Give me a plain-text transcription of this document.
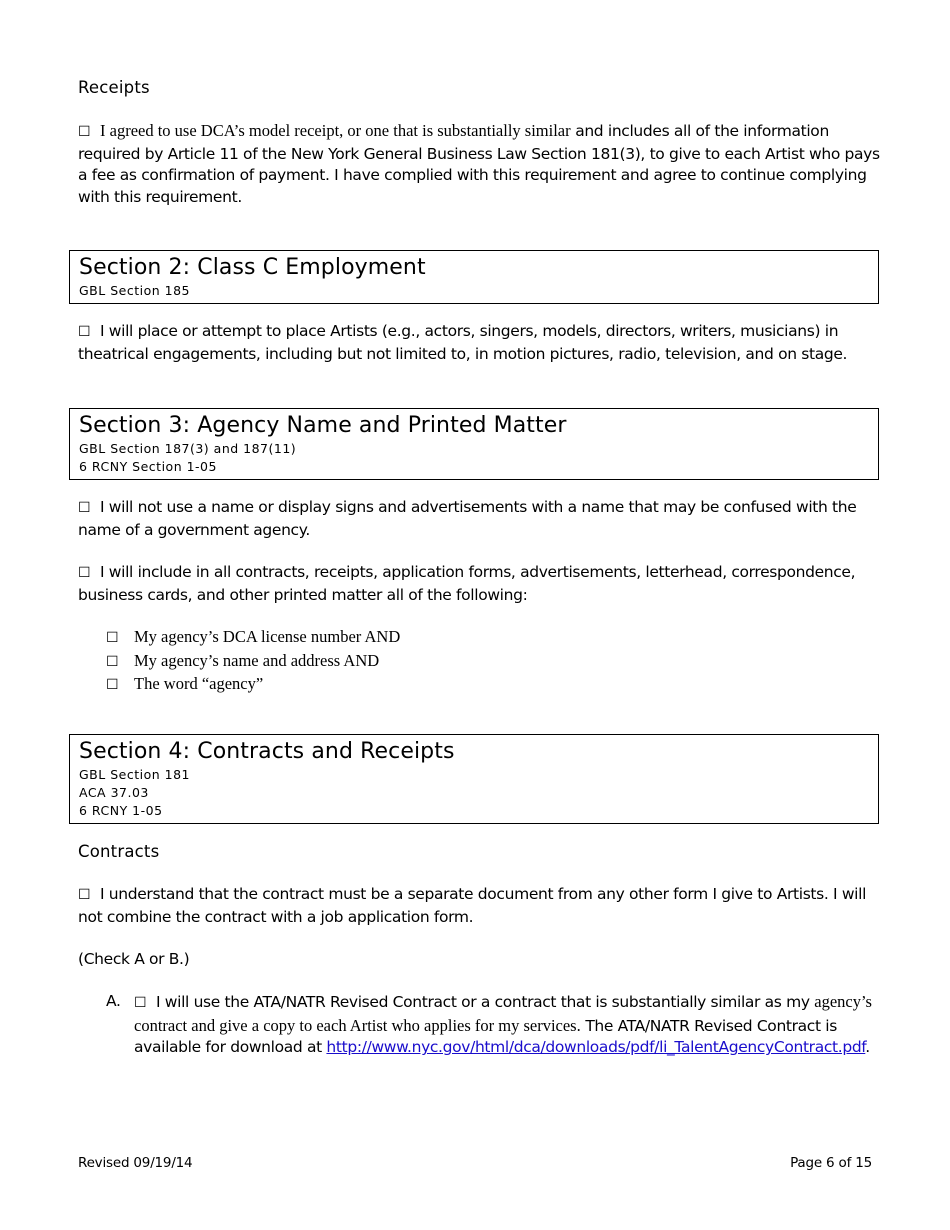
Receipts
☐ I agreed to use DCA’s model receipt, or one that is substantially similar and includes all of the information required by Article 11 of the New York General Business Law Section 181(3), to give to each Artist who pays a fee as confirmation of payment. I have complied with this requirement and agree to continue complying with this requirement.
Section 2: Class C Employment
GBL Section 185
☐ I will place or attempt to place Artists (e.g., actors, singers, models, directors, writers, musicians) in theatrical engagements, including but not limited to, in motion pictures, radio, television, and on stage.
Section 3: Agency Name and Printed Matter
GBL Section 187(3) and 187(11)
6 RCNY Section 1-05
☐ I will not use a name or display signs and advertisements with a name that may be confused with the name of a government agency.
☐ I will include in all contracts, receipts, application forms, advertisements, letterhead, correspondence, business cards, and other printed matter all of the following:
☐ My agency’s DCA license number AND
☐ My agency’s name and address AND
☐ The word “agency”
Section 4: Contracts and Receipts
GBL Section 181
ACA 37.03
6 RCNY 1-05
Contracts
☐ I understand that the contract must be a separate document from any other form I give to Artists. I will not combine the contract with a job application form.
(Check A or B.)
A. ☐ I will use the ATA/NATR Revised Contract or a contract that is substantially similar as my agency’s contract and give a copy to each Artist who applies for my services. The ATA/NATR Revised Contract is available for download at http://www.nyc.gov/html/dca/downloads/pdf/li_TalentAgencyContract.pdf.
Revised 09/19/14	Page 6 of 15
